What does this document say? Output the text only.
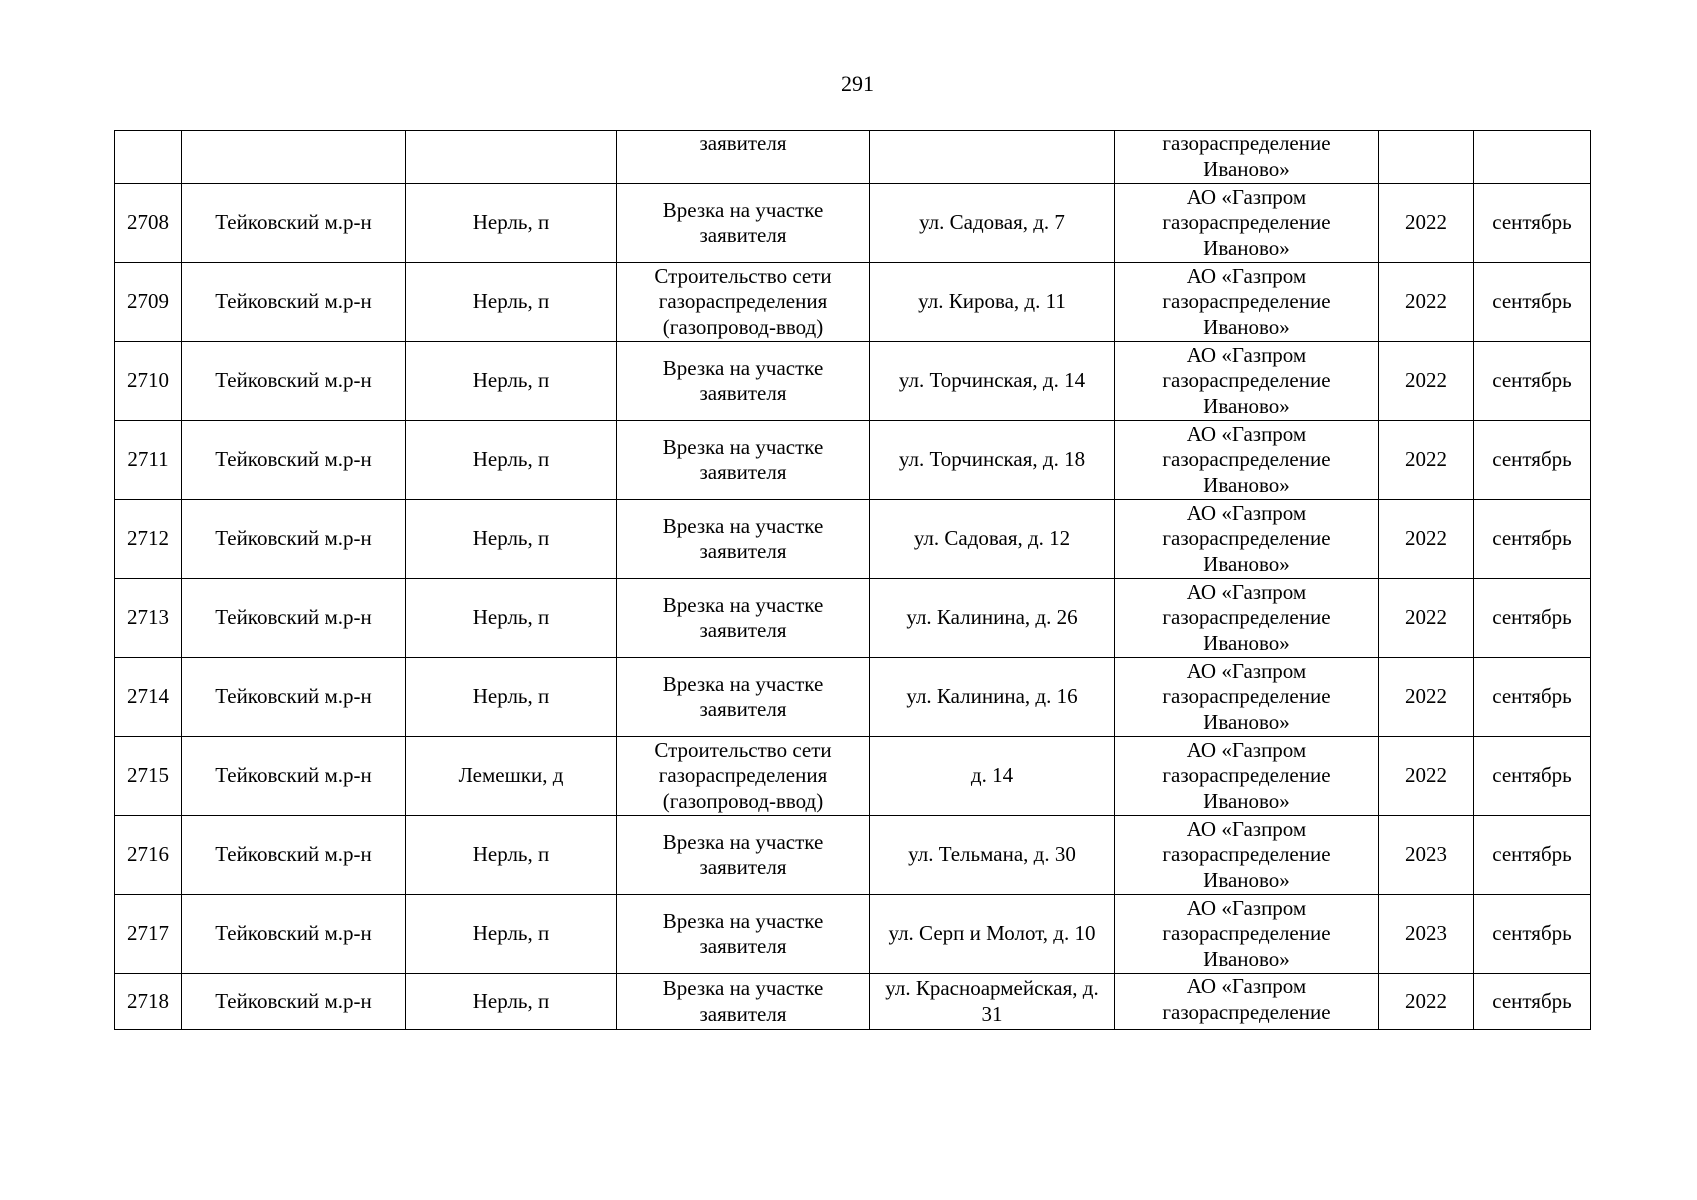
291
			заявителя		газораспределение Иваново»		
2708	Тейковский м.р-н	Нерль, п	Врезка на участке заявителя	ул. Садовая, д. 7	АО «Газпром газораспределение Иваново»	2022	сентябрь
2709	Тейковский м.р-н	Нерль, п	Строительство сети газораспределения (газопровод-ввод)	ул. Кирова, д. 11	АО «Газпром газораспределение Иваново»	2022	сентябрь
2710	Тейковский м.р-н	Нерль, п	Врезка на участке заявителя	ул. Торчинская, д. 14	АО «Газпром газораспределение Иваново»	2022	сентябрь
2711	Тейковский м.р-н	Нерль, п	Врезка на участке заявителя	ул. Торчинская, д. 18	АО «Газпром газораспределение Иваново»	2022	сентябрь
2712	Тейковский м.р-н	Нерль, п	Врезка на участке заявителя	ул. Садовая, д. 12	АО «Газпром газораспределение Иваново»	2022	сентябрь
2713	Тейковский м.р-н	Нерль, п	Врезка на участке заявителя	ул. Калинина, д. 26	АО «Газпром газораспределение Иваново»	2022	сентябрь
2714	Тейковский м.р-н	Нерль, п	Врезка на участке заявителя	ул. Калинина, д. 16	АО «Газпром газораспределение Иваново»	2022	сентябрь
2715	Тейковский м.р-н	Лемешки, д	Строительство сети газораспределения (газопровод-ввод)	д. 14	АО «Газпром газораспределение Иваново»	2022	сентябрь
2716	Тейковский м.р-н	Нерль, п	Врезка на участке заявителя	ул. Тельмана, д. 30	АО «Газпром газораспределение Иваново»	2023	сентябрь
2717	Тейковский м.р-н	Нерль, п	Врезка на участке заявителя	ул. Серп и Молот, д. 10	АО «Газпром газораспределение Иваново»	2023	сентябрь
2718	Тейковский м.р-н	Нерль, п	Врезка на участке заявителя	ул. Красноармейская, д. 31	АО «Газпром газораспределение	2022	сентябрь
